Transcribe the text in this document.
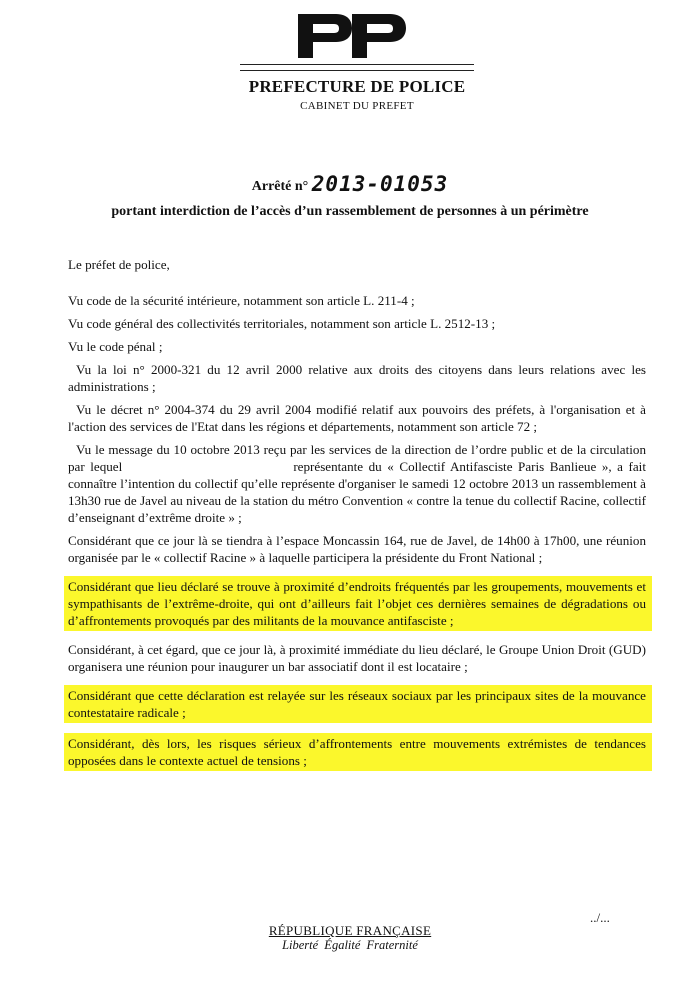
PREFECTURE DE POLICE
CABINET DU PREFET
Arrêté n° 2013-01053
portant interdiction de l’accès d’un rassemblement de personnes à un périmètre

Le préfet de police,

Vu code de la sécurité intérieure, notamment son article L. 211-4 ;

Vu code général des collectivités territoriales, notamment son article L. 2512-13 ;

Vu le code pénal ;

Vu la loi n° 2000-321 du 12 avril 2000 relative aux droits des citoyens dans leurs relations avec les administrations ;

Vu le décret n° 2004-374 du 29 avril 2004 modifié relatif aux pouvoirs des préfets, à l'organisation et à l'action des services de l'Etat dans les régions et départements, notamment son article 72 ;

Vu le message du 10 octobre 2013 reçu par les services de la direction de l’ordre public et de la circulation par lequel	représentante du « Collectif Antifasciste Paris Banlieue », a fait connaître l’intention du collectif qu’elle représente d'organiser le samedi 12 octobre 2013 un rassemblement à 13h30 rue de Javel au niveau de la station du métro Convention « contre la tenue du collectif Racine, collectif d’enseignant d’extrême droite » ;

Considérant que ce jour là se tiendra à l’espace Moncassin 164, rue de Javel, de 14h00 à 17h00, une réunion organisée par le « collectif Racine » à laquelle participera la présidente du Front National ;

Considérant que lieu déclaré se trouve à proximité d’endroits fréquentés par les groupements, mouvements et sympathisants de l’extrême-droite, qui ont d’ailleurs fait l’objet ces dernières semaines de dégradations ou d’affrontements provoqués par des militants de la mouvance antifasciste ;

Considérant, à cet égard, que ce jour là, à proximité immédiate du lieu déclaré, le Groupe Union Droit (GUD) organisera une réunion pour inaugurer un bar associatif dont il est locataire ;

Considérant que cette déclaration est relayée sur les réseaux sociaux par les principaux sites de la mouvance contestataire radicale ;

Considérant, dès lors, les risques sérieux d’affrontements entre mouvements extrémistes de tendances opposées dans le contexte actuel de tensions ;

../...
RÉPUBLIQUE FRANÇAISE
Liberté Égalité Fraternité
